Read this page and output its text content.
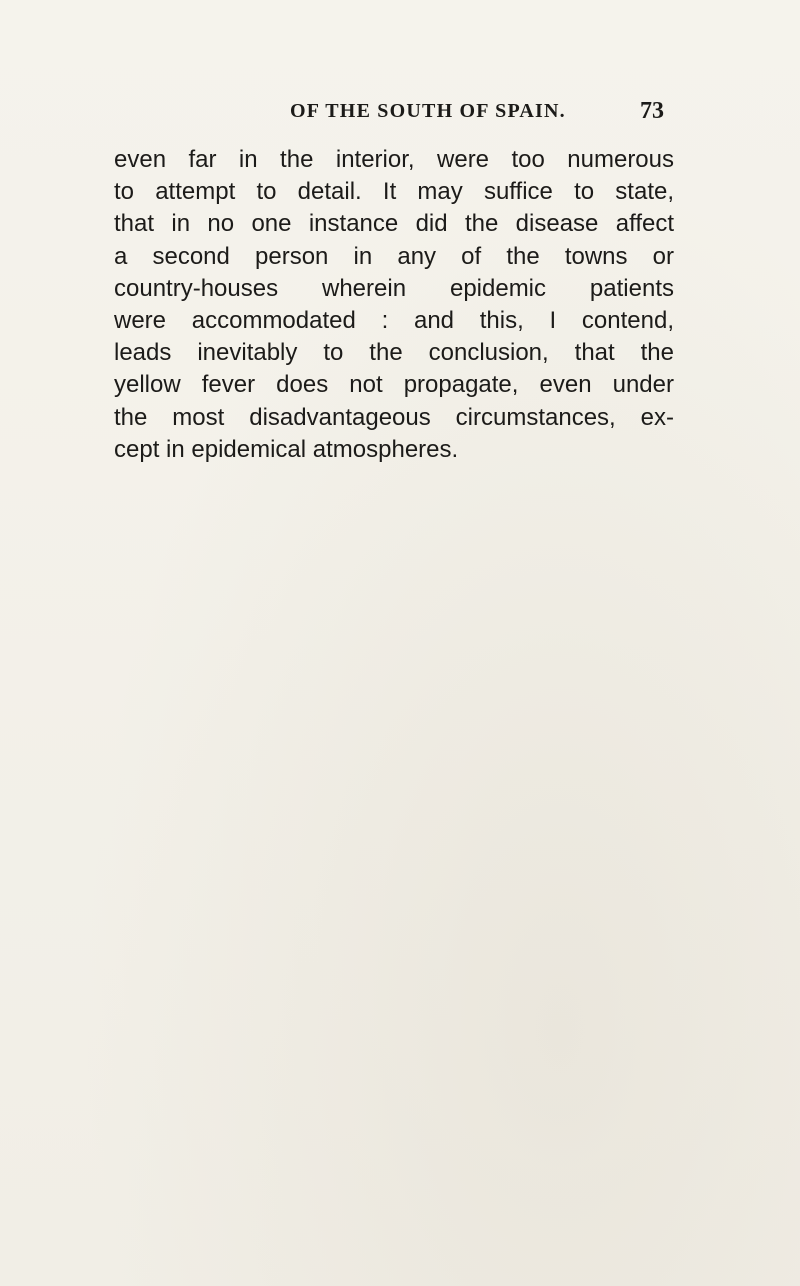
OF THE SOUTH OF SPAIN.	73
even far in the interior, were too numerous
to attempt to detail. It may suffice to state,
that in no one instance did the disease affect
a second person in any of the towns or
country-houses wherein epidemic patients
were accommodated : and this, I contend,
leads inevitably to the conclusion, that the
yellow fever does not propagate, even under
the most disadvantageous circumstances, ex-
cept in epidemical atmospheres.
